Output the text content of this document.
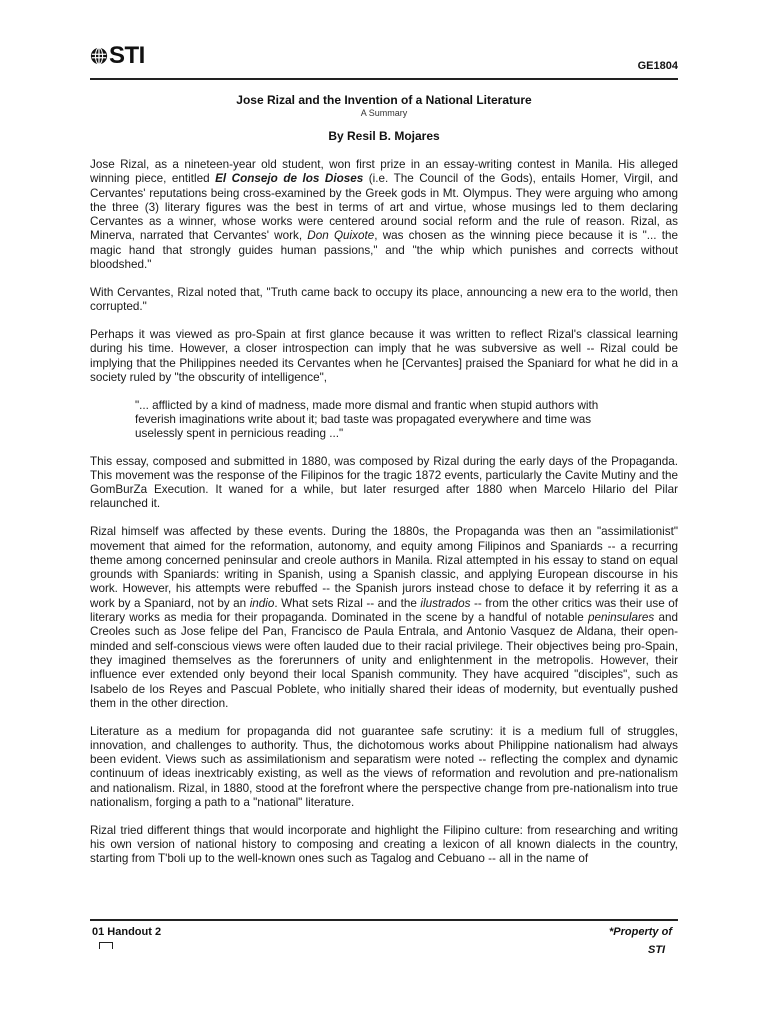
STI	GE1804
Jose Rizal and the Invention of a National Literature
A Summary
By Resil B. Mojares

Jose Rizal, as a nineteen-year old student, won first prize in an essay-writing contest in Manila. His alleged winning piece, entitled El Consejo de los Dioses (i.e. The Council of the Gods), entails Homer, Virgil, and Cervantes' reputations being cross-examined by the Greek gods in Mt. Olympus. They were arguing who among the three (3) literary figures was the best in terms of art and virtue, whose musings led to them declaring Cervantes as a winner, whose works were centered around social reform and the rule of reason. Rizal, as Minerva, narrated that Cervantes' work, Don Quixote, was chosen as the winning piece because it is "... the magic hand that strongly guides human passions," and "the whip which punishes and corrects without bloodshed."

With Cervantes, Rizal noted that, "Truth came back to occupy its place, announcing a new era to the world, then corrupted."

Perhaps it was viewed as pro-Spain at first glance because it was written to reflect Rizal's classical learning during his time. However, a closer introspection can imply that he was subversive as well -- Rizal could be implying that the Philippines needed its Cervantes when he [Cervantes] praised the Spaniard for what he did in a society ruled by "the obscurity of intelligence",

"... afflicted by a kind of madness, made more dismal and frantic when stupid authors with feverish imaginations write about it; bad taste was propagated everywhere and time was uselessly spent in pernicious reading ..."

This essay, composed and submitted in 1880, was composed by Rizal during the early days of the Propaganda. This movement was the response of the Filipinos for the tragic 1872 events, particularly the Cavite Mutiny and the GomBurZa Execution. It waned for a while, but later resurged after 1880 when Marcelo Hilario del Pilar relaunched it.

Rizal himself was affected by these events. During the 1880s, the Propaganda was then an "assimilationist" movement that aimed for the reformation, autonomy, and equity among Filipinos and Spaniards -- a recurring theme among concerned peninsular and creole authors in Manila. Rizal attempted in his essay to stand on equal grounds with Spaniards: writing in Spanish, using a Spanish classic, and applying European discourse in his work. However, his attempts were rebuffed -- the Spanish jurors instead chose to deface it by referring it as a work by a Spaniard, not by an indio. What sets Rizal -- and the ilustrados -- from the other critics was their use of literary works as media for their propaganda. Dominated in the scene by a handful of notable peninsulares and Creoles such as Jose felipe del Pan, Francisco de Paula Entrala, and Antonio Vasquez de Aldana, their open-minded and self-conscious views were often lauded due to their racial privilege. Their objectives being pro-Spain, they imagined themselves as the forerunners of unity and enlightenment in the metropolis. However, their influence ever extended only beyond their local Spanish community. They have acquired "disciples", such as Isabelo de los Reyes and Pascual Poblete, who initially shared their ideas of modernity, but eventually pushed them in the other direction.

Literature as a medium for propaganda did not guarantee safe scrutiny: it is a medium full of struggles, innovation, and challenges to authority. Thus, the dichotomous works about Philippine nationalism had always been evident. Views such as assimilationism and separatism were noted -- reflecting the complex and dynamic continuum of ideas inextricably existing, as well as the views of reformation and revolution and pre-nationalism and nationalism. Rizal, in 1880, stood at the forefront where the perspective change from pre-nationalism into true nationalism, forging a path to a "national" literature.

Rizal tried different things that would incorporate and highlight the Filipino culture: from researching and writing his own version of national history to composing and creating a lexicon of all known dialects in the country, starting from T'boli up to the well-known ones such as Tagalog and Cebuano -- all in the name of

01 Handout 2	*Property of
STI
